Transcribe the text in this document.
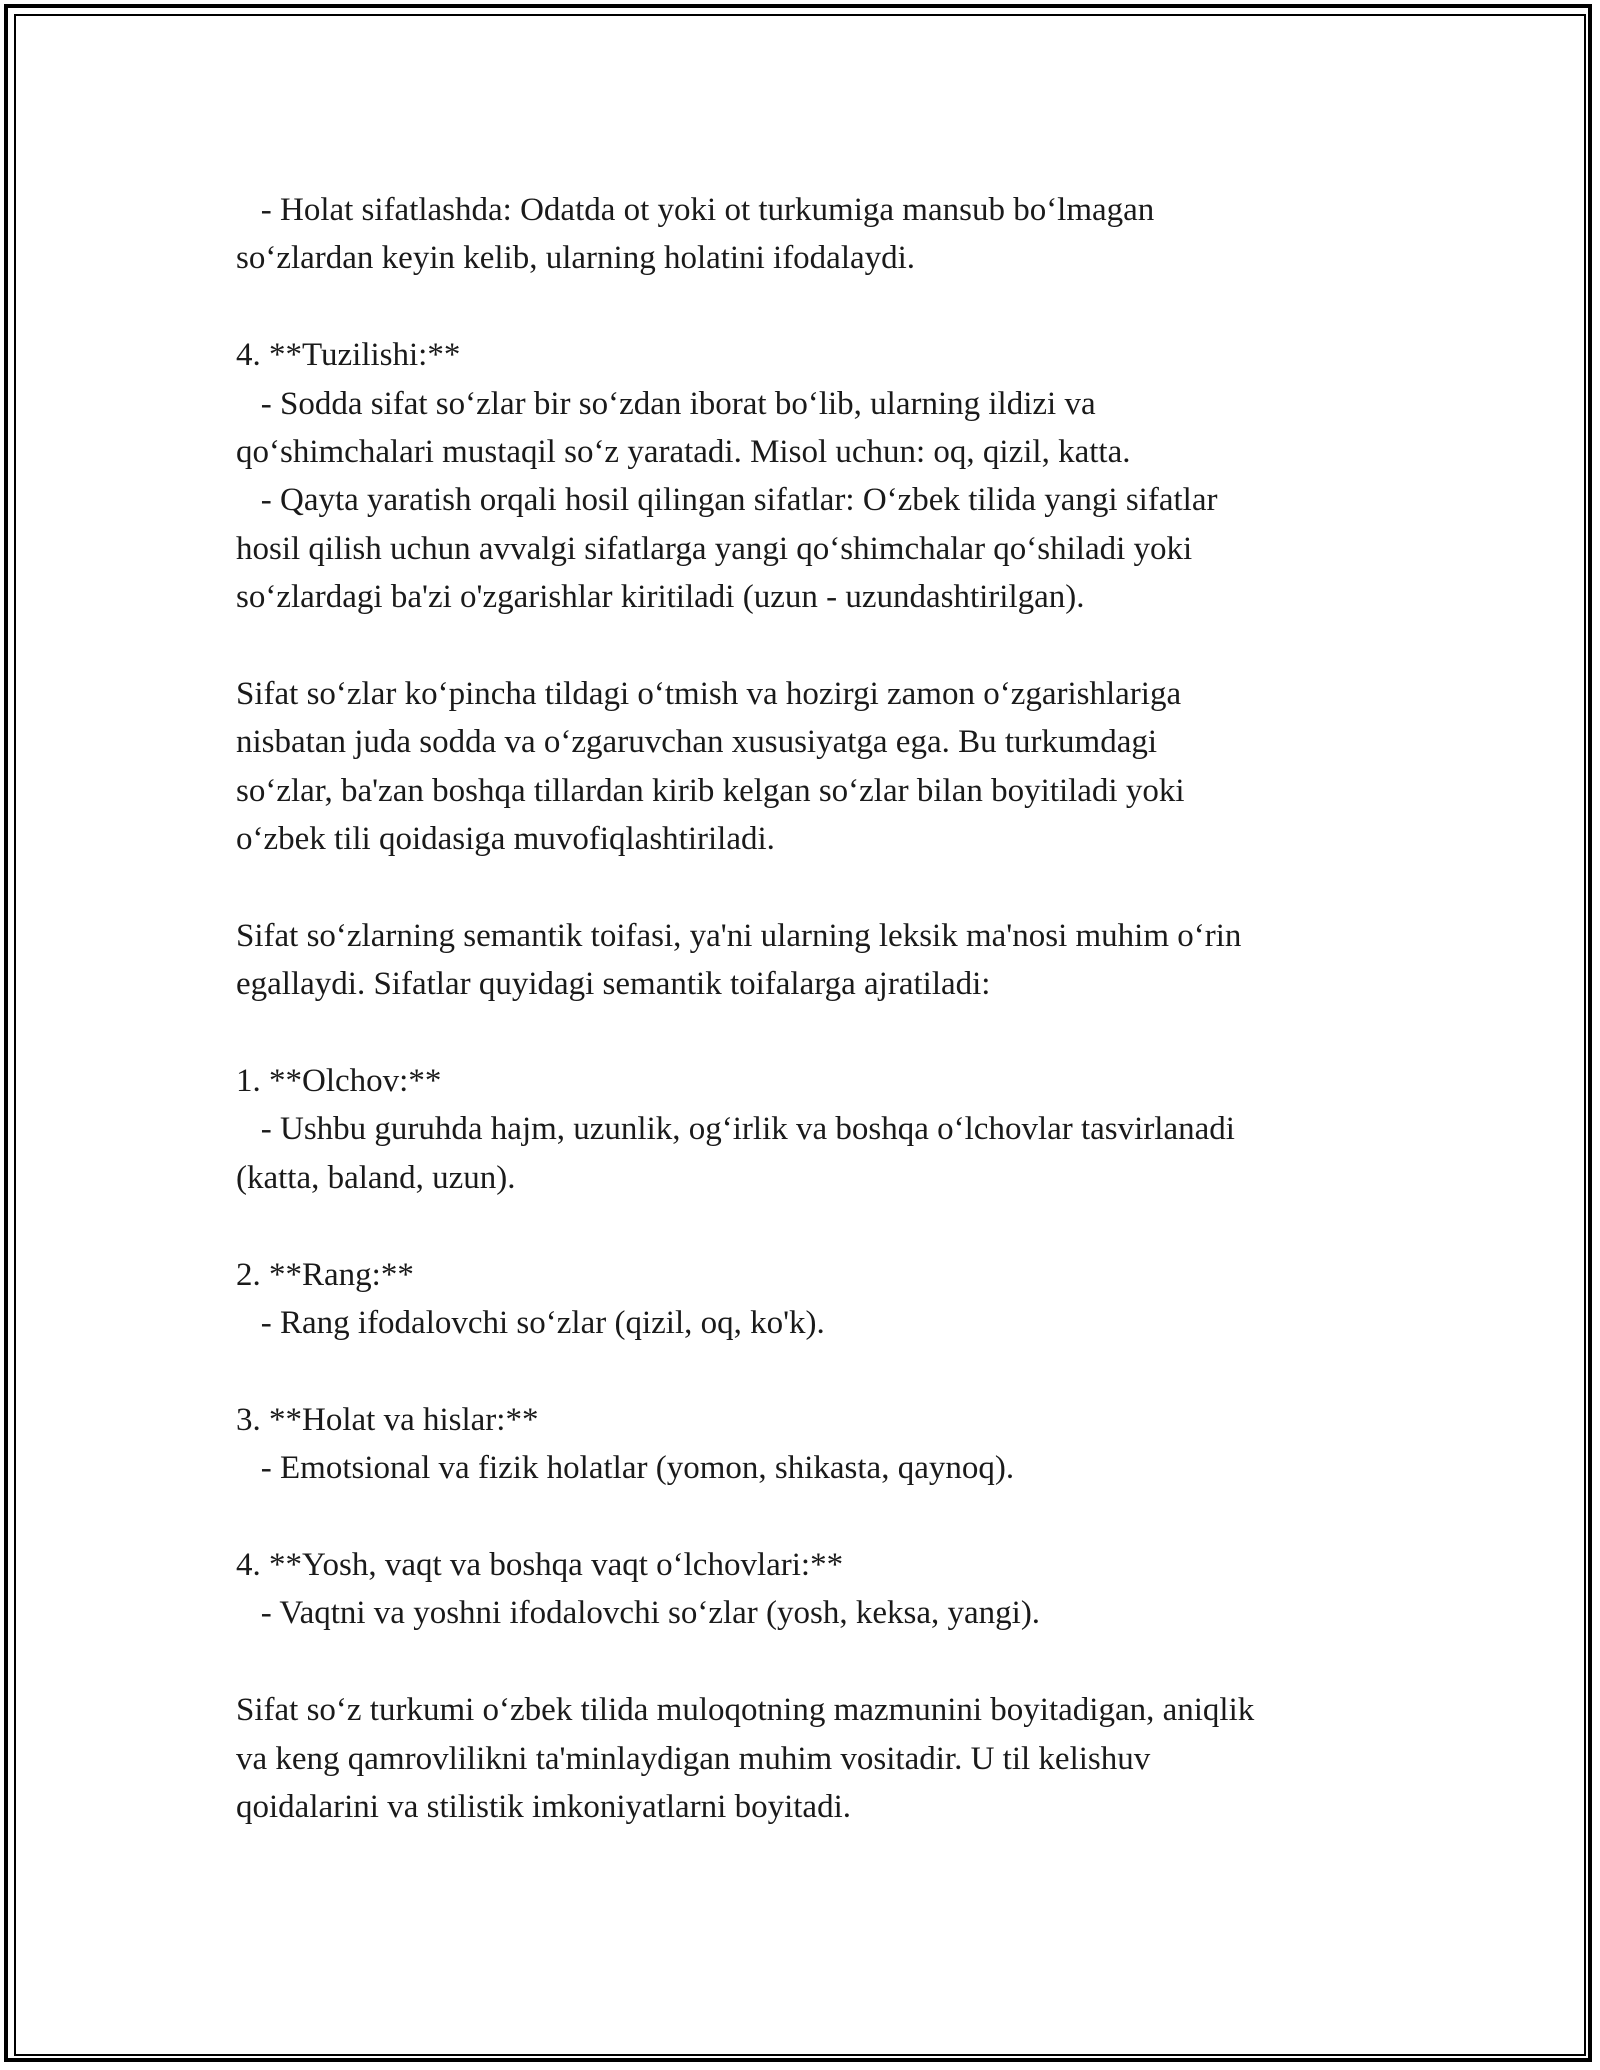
- Holat sifatlashda: Odatda ot yoki ot turkumiga mansub bo‘lmagan
so‘zlardan keyin kelib, ularning holatini ifodalaydi.
4. **Tuzilishi:**
- Sodda sifat so‘zlar bir so‘zdan iborat bo‘lib, ularning ildizi va
qo‘shimchalari mustaqil so‘z yaratadi. Misol uchun: oq, qizil, katta.
- Qayta yaratish orqali hosil qilingan sifatlar: O‘zbek tilida yangi sifatlar
hosil qilish uchun avvalgi sifatlarga yangi qo‘shimchalar qo‘shiladi yoki
so‘zlardagi ba'zi o'zgarishlar kiritiladi (uzun - uzundashtirilgan).
Sifat so‘zlar ko‘pincha tildagi o‘tmish va hozirgi zamon o‘zgarishlariga
nisbatan juda sodda va o‘zgaruvchan xususiyatga ega. Bu turkumdagi
so‘zlar, ba'zan boshqa tillardan kirib kelgan so‘zlar bilan boyitiladi yoki
o‘zbek tili qoidasiga muvofiqlashtiriladi.
Sifat so‘zlarning semantik toifasi, ya'ni ularning leksik ma'nosi muhim o‘rin
egallaydi. Sifatlar quyidagi semantik toifalarga ajratiladi:
1. **Olchov:**
- Ushbu guruhda hajm, uzunlik, og‘irlik va boshqa o‘lchovlar tasvirlanadi
(katta, baland, uzun).
2. **Rang:**
- Rang ifodalovchi so‘zlar (qizil, oq, ko'k).
3. **Holat va hislar:**
- Emotsional va fizik holatlar (yomon, shikasta, qaynoq).
4. **Yosh, vaqt va boshqa vaqt o‘lchovlari:**
- Vaqtni va yoshni ifodalovchi so‘zlar (yosh, keksa, yangi).
Sifat so‘z turkumi o‘zbek tilida muloqotning mazmunini boyitadigan, aniqlik
va keng qamrovlilikni ta'minlaydigan muhim vositadir. U til kelishuv
qoidalarini va stilistik imkoniyatlarni boyitadi.
